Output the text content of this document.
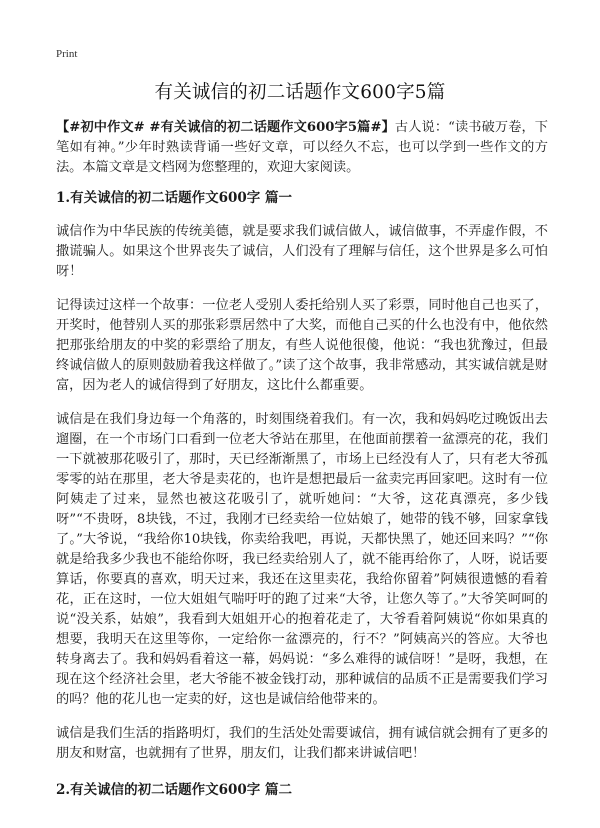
Print
有关诚信的初二话题作文600字5篇

【#初中作文# #有关诚信的初二话题作文600字5篇#】古人说：“读书破万卷，下笔如有神。”少年时熟读背诵一些好文章，可以经久不忘，也可以学到一些作文的方法。本篇文章是文档网为您整理的，欢迎大家阅读。

1.有关诚信的初二话题作文600字 篇一

诚信作为中华民族的传统美德，就是要求我们诚信做人，诚信做事，不弄虚作假，不撒谎骗人。如果这个世界丧失了诚信，人们没有了理解与信任，这个世界是多么可怕呀！

记得读过这样一个故事：一位老人受别人委托给别人买了彩票，同时他自己也买了，开奖时，他替别人买的那张彩票居然中了大奖，而他自己买的什么也没有中，他依然把那张给朋友的中奖的彩票给了朋友，有些人说他很傻，他说：“我也犹豫过，但最终诚信做人的原则鼓励着我这样做了。”读了这个故事，我非常感动，其实诚信就是财富，因为老人的诚信得到了好朋友，这比什么都重要。

诚信是在我们身边每一个角落的，时刻围绕着我们。有一次，我和妈妈吃过晚饭出去遛圈，在一个市场门口看到一位老大爷站在那里，在他面前摆着一盆漂亮的花，我们一下就被那花吸引了，那时，天已经渐渐黑了，市场上已经没有人了，只有老大爷孤零零的站在那里，老大爷是卖花的，也许是想把最后一盆卖完再回家吧。这时有一位阿姨走了过来，显然也被这花吸引了，就听她问：“大爷，这花真漂亮，多少钱呀”“不贵呀，8块钱，不过，我刚才已经卖给一位姑娘了，她带的钱不够，回家拿钱了。”大爷说，“我给你10块钱，你卖给我吧，再说，天都快黑了，她还回来吗？”“你就是给我多少我也不能给你呀，我已经卖给别人了，就不能再给你了，人呀，说话要算话，你要真的喜欢，明天过来，我还在这里卖花，我给你留着”阿姨很遗憾的看着花，正在这时，一位大姐姐气喘吁吁的跑了过来“大爷，让您久等了。”大爷笑呵呵的说“没关系，姑娘”，我看到大姐姐开心的抱着花走了，大爷看着阿姨说“你如果真的想要，我明天在这里等你，一定给你一盆漂亮的，行不？”阿姨高兴的答应。大爷也转身离去了。我和妈妈看着这一幕，妈妈说：“多么难得的诚信呀！”是呀，我想，在现在这个经济社会里，老大爷能不被金钱打动，那种诚信的品质不正是需要我们学习的吗？他的花儿也一定卖的好，这也是诚信给他带来的。

诚信是我们生活的指路明灯，我们的生活处处需要诚信，拥有诚信就会拥有了更多的朋友和财富，也就拥有了世界，朋友们，让我们都来讲诚信吧！

2.有关诚信的初二话题作文600字 篇二
